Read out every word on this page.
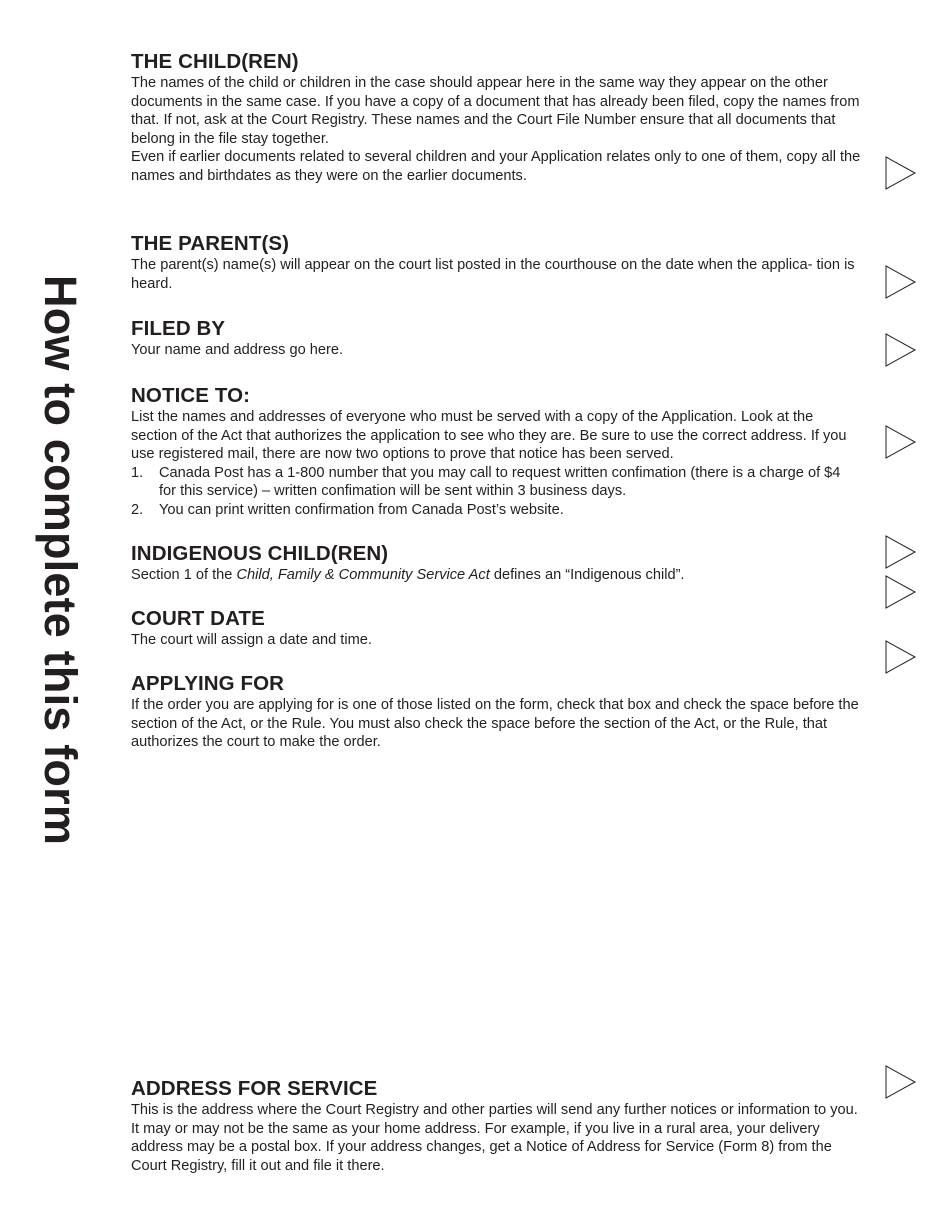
How to complete this form
THE CHILD(REN)

The names of the child or children in the case should appear here in the same way they appear on the other documents in the same case. If you have a copy of a document that has already been filed, copy the names from that. If not, ask at the Court Registry. These names and the Court File Number ensure that all documents that belong in the file stay together.

Even if earlier documents related to several children and your Application relates only to one of them, copy all the names and birthdates as they were on the earlier documents.

THE PARENT(S)

The parent(s) name(s) will appear on the court list posted in the courthouse on the date when the applica- tion is heard.

FILED BY

Your name and address go here.

NOTICE TO:

List the names and addresses of everyone who must be served with a copy of the Application. Look at the section of the Act that authorizes the application to see who they are. Be sure to use the correct address. If you use registered mail, there are now two options to prove that notice has been served.

1. Canada Post has a 1-800 number that you may call to request written confimation (there is a charge of $4 for this service) – written confimation will be sent within 3 business days.
2. You can print written confirmation from Canada Post’s website.
INDIGENOUS CHILD(REN)

Section 1 of the Child, Family & Community Service Act defines an “Indigenous child”.

COURT DATE

The court will assign a date and time.

APPLYING FOR

If the order you are applying for is one of those listed on the form, check that box and check the space before the section of the Act, or the Rule. You must also check the space before the section of the Act, or the Rule, that authorizes the court to make the order.

ADDRESS FOR SERVICE

This is the address where the Court Registry and other parties will send any further notices or information to you. It may or may not be the same as your home address. For example, if you live in a rural area, your delivery address may be a postal box. If your address changes, get a Notice of Address for Service (Form 8) from the Court Registry, fill it out and file it there.
